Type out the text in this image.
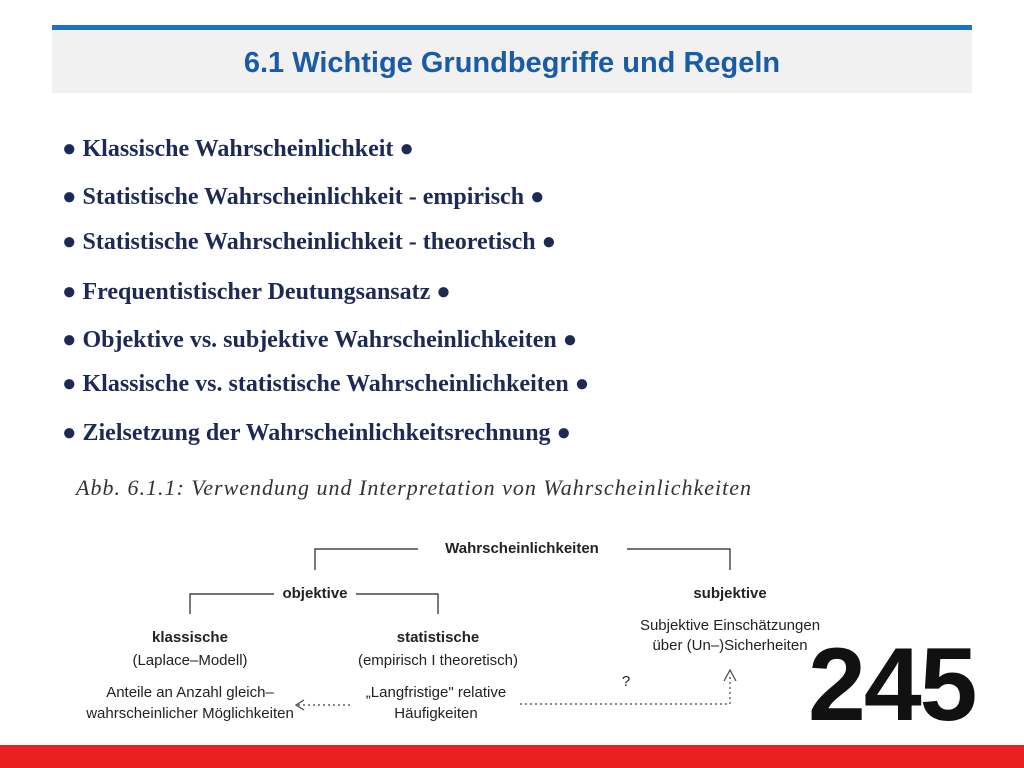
6.1 Wichtige Grundbegriffe und Regeln
● Klassische Wahrscheinlichkeit ●
● Statistische Wahrscheinlichkeit - empirisch ●
● Statistische Wahrscheinlichkeit - theoretisch ●
● Frequentistischer Deutungsansatz ●
● Objektive vs. subjektive Wahrscheinlichkeiten ●
● Klassische vs. statistische Wahrscheinlichkeiten ●
● Zielsetzung der Wahrscheinlichkeitsrechnung ●
Abb. 6.1.1: Verwendung und Interpretation von Wahrscheinlichkeiten
Wahrscheinlichkeiten
objektive	subjektive
klassische
(Laplace–Modell)
statistische
(empirisch I theoretisch)
Subjektive Einschätzungen
über (Un–)Sicherheiten
Anteile an Anzahl gleich–
wahrscheinlicher Möglichkeiten
„Langfristige" relative
Häufigkeiten
? 245
